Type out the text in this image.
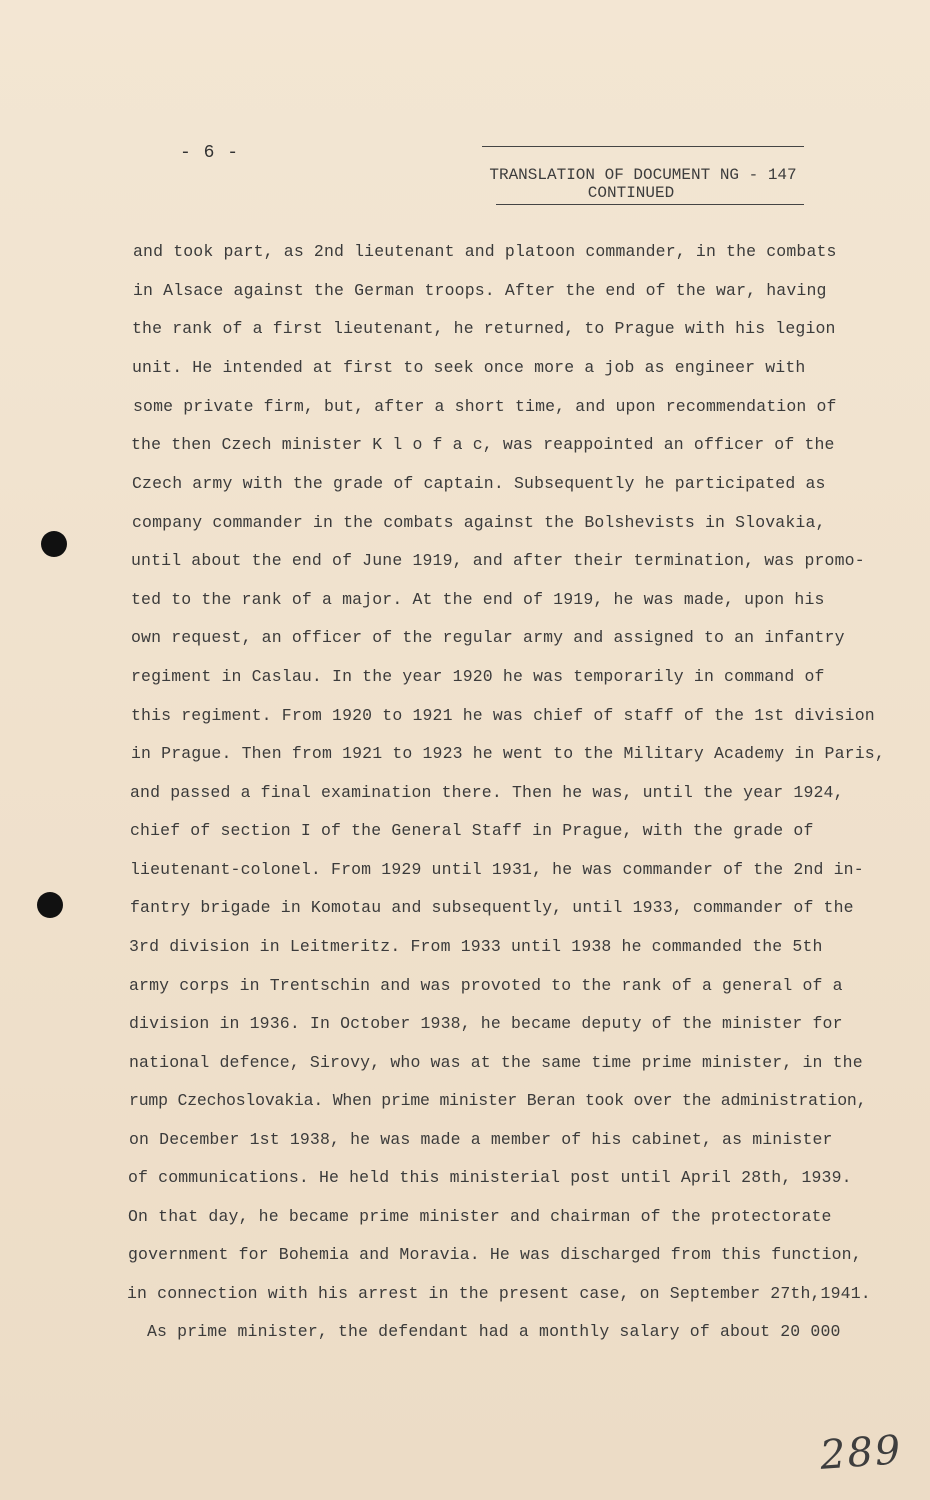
- 6 -
TRANSLATION OF DOCUMENT NG - 147
CONTINUED
and took part, as 2nd lieutenant and platoon commander, in the combats
in Alsace against the German troops. After the end of the war, having
the rank of a first lieutenant, he returned, to Prague with his legion
unit. He intended at first to seek once more a job as engineer with
some private firm, but, after a short time, and upon recommendation of
the then Czech minister K l o f a c, was reappointed an officer of the
Czech army with the grade of captain. Subsequently he participated as
company commander in the combats against the Bolshevists in Slovakia,
until about the end of June 1919, and after their termination, was promo-
ted to the rank of a major. At the end of 1919, he was made, upon his
own request, an officer of the regular army and assigned to an infantry
regiment in Caslau. In the year 1920 he was temporarily in command of
this regiment. From 1920 to 1921 he was chief of staff of the 1st division
in Prague. Then from 1921 to 1923 he went to the Military Academy in Paris,
and passed a final examination there. Then he was, until the year 1924,
chief of section I of the General Staff in Prague, with the grade of
lieutenant-colonel. From 1929 until 1931, he was commander of the 2nd in-
fantry brigade in Komotau and subsequently, until 1933, commander of the
3rd division in Leitmeritz. From 1933 until 1938 he commanded the 5th
army corps in Trentschin and was provoted to the rank of a general of a
division in 1936. In October 1938, he became deputy of the minister for
national defence, Sirovy, who was at the same time prime minister, in the
rump Czechoslovakia. When prime minister Beran took over the administration,
on December 1st 1938, he was made a member of his cabinet, as minister
of communications. He held this ministerial post until April 28th, 1939.
On that day, he became prime minister and chairman of the protectorate
government for Bohemia and Moravia. He was discharged from this function,
in connection with his arrest in the present case, on September 27th,1941.
As prime minister, the defendant had a monthly salary of about 20 000
289
